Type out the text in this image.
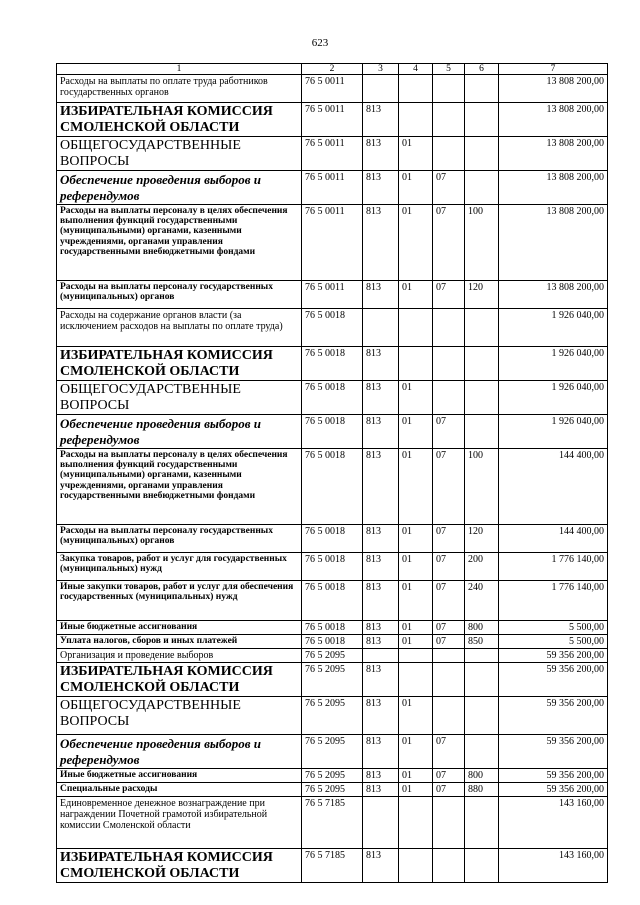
623
1	2	3	4	5	6	7
Расходы на выплаты по оплате труда работников государственных органов	76 5 0011					13 808 200,00
ИЗБИРАТЕЛЬНАЯ КОМИССИЯ СМОЛЕНСКОЙ ОБЛАСТИ	76 5 0011	813				13 808 200,00
ОБЩЕГОСУДАРСТВЕННЫЕ ВОПРОСЫ	76 5 0011	813	01			13 808 200,00
Обеспечение проведения выборов и референдумов	76 5 0011	813	01	07		13 808 200,00
Расходы на выплаты персоналу в целях обеспечения выполнения функций государственными (муниципальными) органами, казенными учреждениями, органами управления государственными внебюджетными фондами	76 5 0011	813	01	07	100	13 808 200,00
Расходы на выплаты персоналу государственных (муниципальных) органов	76 5 0011	813	01	07	120	13 808 200,00
Расходы на содержание органов власти (за исключением расходов на выплаты по оплате труда)	76 5 0018					1 926 040,00
ИЗБИРАТЕЛЬНАЯ КОМИССИЯ СМОЛЕНСКОЙ ОБЛАСТИ	76 5 0018	813				1 926 040,00
ОБЩЕГОСУДАРСТВЕННЫЕ ВОПРОСЫ	76 5 0018	813	01			1 926 040,00
Обеспечение проведения выборов и референдумов	76 5 0018	813	01	07		1 926 040,00
Расходы на выплаты персоналу в целях обеспечения выполнения функций государственными (муниципальными) органами, казенными учреждениями, органами управления государственными внебюджетными фондами	76 5 0018	813	01	07	100	144 400,00
Расходы на выплаты персоналу государственных (муниципальных) органов	76 5 0018	813	01	07	120	144 400,00
Закупка товаров, работ и услуг для государственных (муниципальных) нужд	76 5 0018	813	01	07	200	1 776 140,00
Иные закупки товаров, работ и услуг для обеспечения государственных (муниципальных) нужд	76 5 0018	813	01	07	240	1 776 140,00
Иные бюджетные ассигнования	76 5 0018	813	01	07	800	5 500,00
Уплата налогов, сборов и иных платежей	76 5 0018	813	01	07	850	5 500,00
Организация и проведение выборов	76 5 2095					59 356 200,00
ИЗБИРАТЕЛЬНАЯ КОМИССИЯ СМОЛЕНСКОЙ ОБЛАСТИ	76 5 2095	813				59 356 200,00
ОБЩЕГОСУДАРСТВЕННЫЕ ВОПРОСЫ	76 5 2095	813	01			59 356 200,00
Обеспечение проведения выборов и референдумов	76 5 2095	813	01	07		59 356 200,00
Иные бюджетные ассигнования	76 5 2095	813	01	07	800	59 356 200,00
Специальные расходы	76 5 2095	813	01	07	880	59 356 200,00
Единовременное денежное вознаграждение при награждении Почетной грамотой избирательной комиссии Смоленской области	76 5 7185					143 160,00
ИЗБИРАТЕЛЬНАЯ КОМИССИЯ СМОЛЕНСКОЙ ОБЛАСТИ	76 5 7185	813				143 160,00
